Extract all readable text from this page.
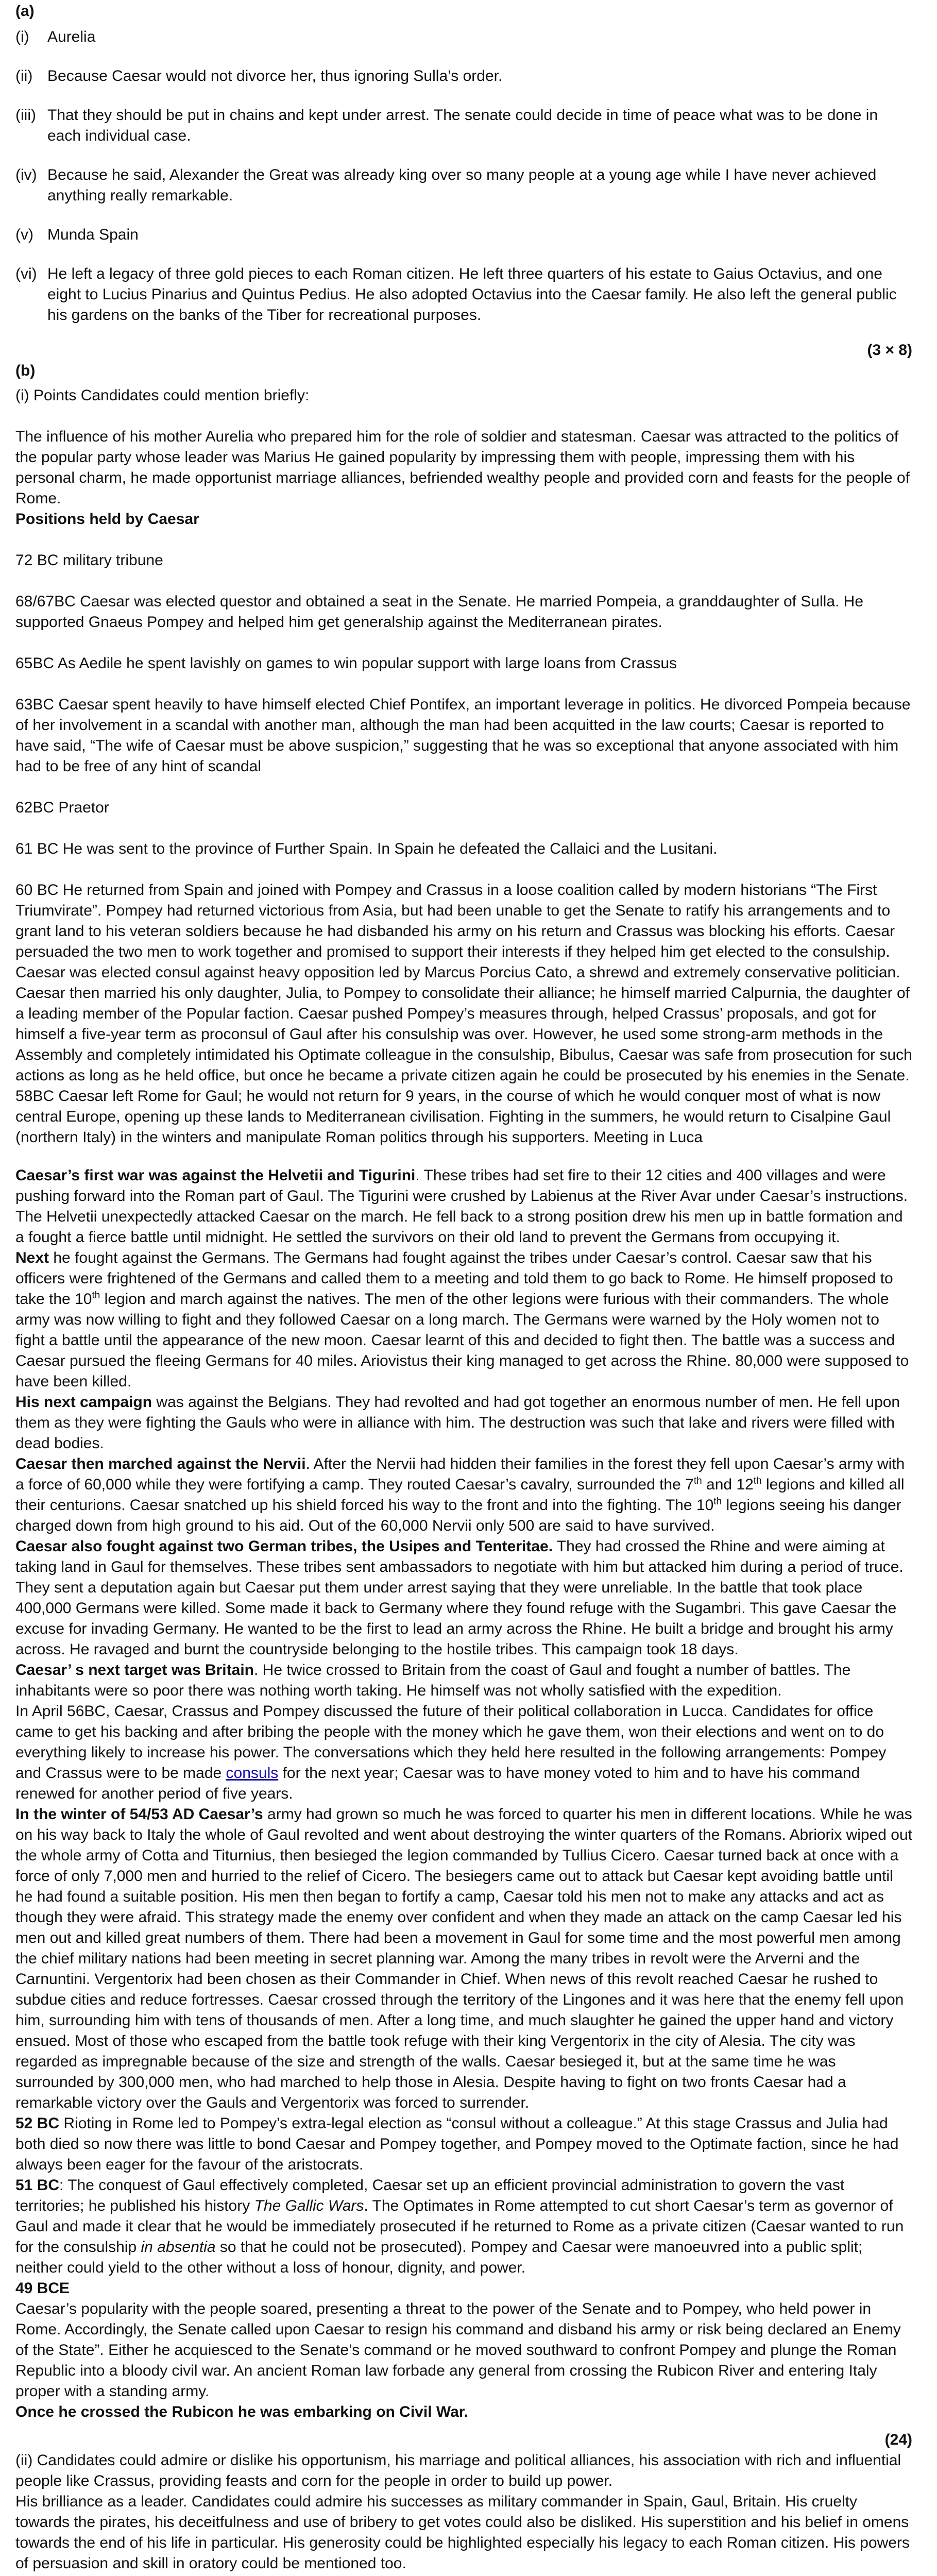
(a)
(i)	Aurelia
(ii) Because Caesar would not divorce her, thus ignoring Sulla’s order.
(iii) That they should be put in chains and kept under arrest. The senate could decide in time of peace what was to be done in each individual case.
(iv) Because he said, Alexander the Great was already king over so many people at a young age while I have never achieved anything really remarkable.
(v) Munda Spain
(vi) He left a legacy of three gold pieces to each Roman citizen. He left three quarters of his estate to Gaius Octavius, and one eight to Lucius Pinarius and Quintus Pedius. He also adopted Octavius into the Caesar family. He also left the general public his gardens on the banks of the Tiber for recreational purposes.
(3 × 8)
(b)
(i) Points Candidates could mention briefly:
The influence of his mother Aurelia who prepared him for the role of soldier and statesman. Caesar was attracted to the politics of the popular party whose leader was Marius He gained popularity by impressing them with people, impressing them with his personal charm, he made opportunist marriage alliances, befriended wealthy people and provided corn and feasts for the people of Rome.
Positions held by Caesar
72 BC military tribune
68/67BC Caesar was elected questor and obtained a seat in the Senate. He married Pompeia, a granddaughter of Sulla. He supported Gnaeus Pompey and helped him get generalship against the Mediterranean pirates.
65BC As Aedile he spent lavishly on games to win popular support with large loans from Crassus
63BC Caesar spent heavily to have himself elected Chief Pontifex, an important leverage in politics. He divorced Pompeia because of her involvement in a scandal with another man, although the man had been acquitted in the law courts; Caesar is reported to have said, “The wife of Caesar must be above suspicion,” suggesting that he was so exceptional that anyone associated with him had to be free of any hint of scandal
62BC Praetor
61 BC He was sent to the province of Further Spain. In Spain he defeated the Callaici and the Lusitani.
60 BC He returned from Spain and joined with Pompey and Crassus in a loose coalition called by modern historians “The First Triumvirate”. Pompey had returned victorious from Asia, but had been unable to get the Senate to ratify his arrangements and to grant land to his veteran soldiers because he had disbanded his army on his return and Crassus was blocking his efforts. Caesar persuaded the two men to work together and promised to support their interests if they helped him get elected to the consulship. Caesar was elected consul against heavy opposition led by Marcus Porcius Cato, a shrewd and extremely conservative politician. Caesar then married his only daughter, Julia, to Pompey to consolidate their alliance; he himself married Calpurnia, the daughter of a leading member of the Popular faction. Caesar pushed Pompey’s measures through, helped Crassus’ proposals, and got for himself a five-year term as proconsul of Gaul after his consulship was over. However, he used some strong-arm methods in the Assembly and completely intimidated his Optimate colleague in the consulship, Bibulus, Caesar was safe from prosecution for such actions as long as he held office, but once he became a private citizen again he could be prosecuted by his enemies in the Senate.
58BC Caesar left Rome for Gaul; he would not return for 9 years, in the course of which he would conquer most of what is now central Europe, opening up these lands to Mediterranean civilisation. Fighting in the summers, he would return to Cisalpine Gaul (northern Italy) in the winters and manipulate Roman politics through his supporters. Meeting in Luca
Caesar’s first war was against the Helvetii and Tigurini. These tribes had set fire to their 12 cities and 400 villages and were pushing forward into the Roman part of Gaul. The Tigurini were crushed by Labienus at the River Avar under Caesar’s instructions. The Helvetii unexpectedly attacked Caesar on the march. He fell back to a strong position drew his men up in battle formation and a fought a fierce battle until midnight. He settled the survivors on their old land to prevent the Germans from occupying it.
Next he fought against the Germans. The Germans had fought against the tribes under Caesar’s control. Caesar saw that his officers were frightened of the Germans and called them to a meeting and told them to go back to Rome. He himself proposed to take the 10th legion and march against the natives. The men of the other legions were furious with their commanders. The whole army was now willing to fight and they followed Caesar on a long march. The Germans were warned by the Holy women not to fight a battle until the appearance of the new moon. Caesar learnt of this and decided to fight then. The battle was a success and Caesar pursued the fleeing Germans for 40 miles. Ariovistus their king managed to get across the Rhine. 80,000 were supposed to have been killed.
His next campaign was against the Belgians. They had revolted and had got together an enormous number of men. He fell upon them as they were fighting the Gauls who were in alliance with him. The destruction was such that lake and rivers were filled with dead bodies.
Caesar then marched against the Nervii. After the Nervii had hidden their families in the forest they fell upon Caesar’s army with a force of 60,000 while they were fortifying a camp. They routed Caesar’s cavalry, surrounded the 7th and 12th legions and killed all their centurions. Caesar snatched up his shield forced his way to the front and into the fighting. The 10th legions seeing his danger charged down from high ground to his aid. Out of the 60,000 Nervii only 500 are said to have survived.
Caesar also fought against two German tribes, the Usipes and Tenteritae. They had crossed the Rhine and were aiming at taking land in Gaul for themselves. These tribes sent ambassadors to negotiate with him but attacked him during a period of truce. They sent a deputation again but Caesar put them under arrest saying that they were unreliable. In the battle that took place 400,000 Germans were killed. Some made it back to Germany where they found refuge with the Sugambri. This gave Caesar the excuse for invading Germany. He wanted to be the first to lead an army across the Rhine. He built a bridge and brought his army across. He ravaged and burnt the countryside belonging to the hostile tribes. This campaign took 18 days.
Caesar’ s next target was Britain. He twice crossed to Britain from the coast of Gaul and fought a number of battles. The inhabitants were so poor there was nothing worth taking. He himself was not wholly satisfied with the expedition.
In April 56BC, Caesar, Crassus and Pompey discussed the future of their political collaboration in Lucca. Candidates for office came to get his backing and after bribing the people with the money which he gave them, won their elections and went on to do everything likely to increase his power. The conversations which they held here resulted in the following arrangements: Pompey and Crassus were to be made consuls for the next year; Caesar was to have money voted to him and to have his command renewed for another period of five years.
In the winter of 54/53 AD Caesar’s army had grown so much he was forced to quarter his men in different locations. While he was on his way back to Italy the whole of Gaul revolted and went about destroying the winter quarters of the Romans. Abriorix wiped out the whole army of Cotta and Titurnius, then besieged the legion commanded by Tullius Cicero. Caesar turned back at once with a force of only 7,000 men and hurried to the relief of Cicero. The besiegers came out to attack but Caesar kept avoiding battle until he had found a suitable position. His men then began to fortify a camp, Caesar told his men not to make any attacks and act as though they were afraid. This strategy made the enemy over confident and when they made an attack on the camp Caesar led his men out and killed great numbers of them. There had been a movement in Gaul for some time and the most powerful men among the chief military nations had been meeting in secret planning war. Among the many tribes in revolt were the Arverni and the Carnuntini. Vergentorix had been chosen as their Commander in Chief. When news of this revolt reached Caesar he rushed to subdue cities and reduce fortresses. Caesar crossed through the territory of the Lingones and it was here that the enemy fell upon him, surrounding him with tens of thousands of men. After a long time, and much slaughter he gained the upper hand and victory ensued. Most of those who escaped from the battle took refuge with their king Vergentorix in the city of Alesia. The city was regarded as impregnable because of the size and strength of the walls. Caesar besieged it, but at the same time he was surrounded by 300,000 men, who had marched to help those in Alesia. Despite having to fight on two fronts Caesar had a remarkable victory over the Gauls and Vergentorix was forced to surrender.
52 BC Rioting in Rome led to Pompey’s extra-legal election as “consul without a colleague.” At this stage Crassus and Julia had both died so now there was little to bond Caesar and Pompey together, and Pompey moved to the Optimate faction, since he had always been eager for the favour of the aristocrats.
51 BC: The conquest of Gaul effectively completed, Caesar set up an efficient provincial administration to govern the vast territories; he published his history The Gallic Wars. The Optimates in Rome attempted to cut short Caesar’s term as governor of Gaul and made it clear that he would be immediately prosecuted if he returned to Rome as a private citizen (Caesar wanted to run for the consulship in absentia so that he could not be prosecuted). Pompey and Caesar were manoeuvred into a public split; neither could yield to the other without a loss of honour, dignity, and power.
49 BCE
Caesar’s popularity with the people soared, presenting a threat to the power of the Senate and to Pompey, who held power in Rome. Accordingly, the Senate called upon Caesar to resign his command and disband his army or risk being declared an Enemy of the State”. Either he acquiesced to the Senate’s command or he moved southward to confront Pompey and plunge the Roman Republic into a bloody civil war. An ancient Roman law forbade any general from crossing the Rubicon River and entering Italy proper with a standing army.
Once he crossed the Rubicon he was embarking on Civil War.
(24)
(ii) Candidates could admire or dislike his opportunism, his marriage and political alliances, his association with rich and influential people like Crassus, providing feasts and corn for the people in order to build up power.
His brilliance as a leader. Candidates could admire his successes as military commander in Spain, Gaul, Britain. His cruelty towards the pirates, his deceitfulness and use of bribery to get votes could also be disliked. His superstition and his belief in omens towards the end of his life in particular. His generosity could be highlighted especially his legacy to each Roman citizen. His powers of persuasion and skill in oratory could be mentioned too.
